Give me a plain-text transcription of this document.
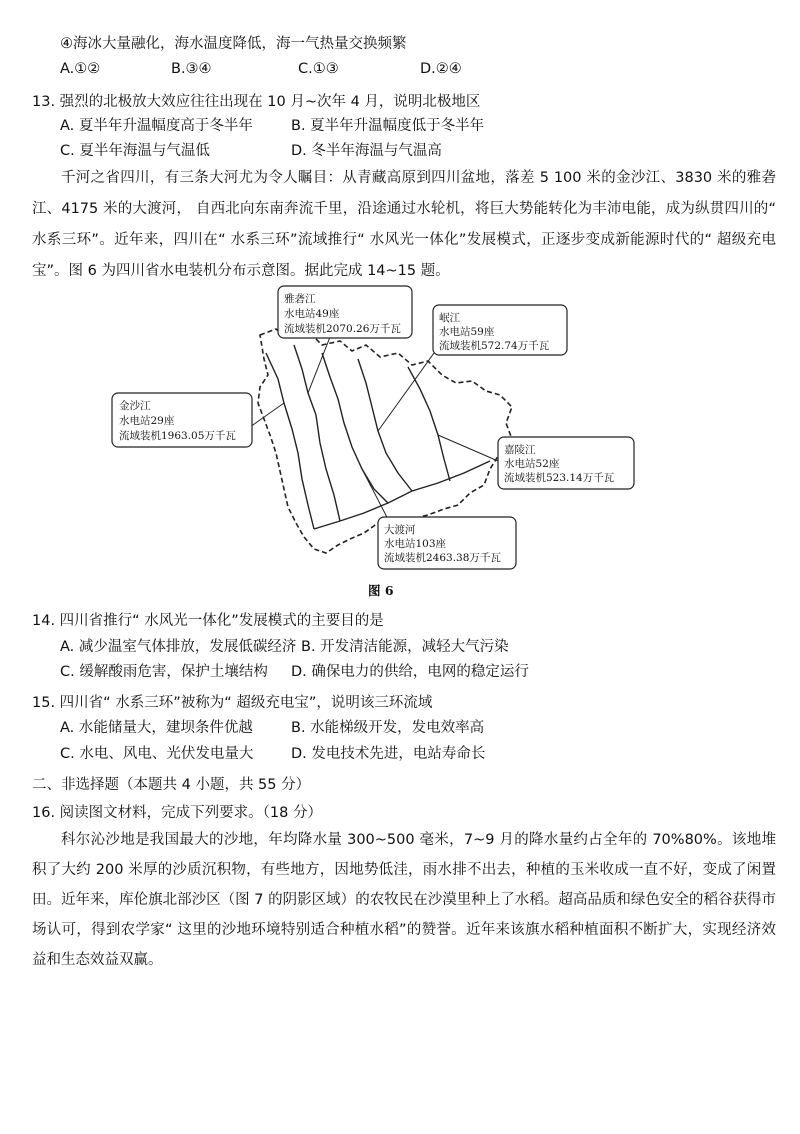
④海冰大量融化，海水温度降低，海一气热量交换频繁
A.①②	B.③④	C.①③	D.②④
13. 强烈的北极放大效应往往出现在 10 月~次年 4 月，说明北极地区
A. 夏半年升温幅度高于冬半年	B. 夏半年升温幅度低于冬半年
C. 夏半年海温与气温低	D. 冬半年海温与气温高
千河之省四川，有三条大河尤为令人瞩目：从青藏高原到四川盆地，落差 5 100 米的金沙江、3830 米的雅砻江、4175 米的大渡河， 自西北向东南奔流千里，沿途通过水轮机，将巨大势能转化为丰沛电能，成为纵贯四川的“ 水系三环”。近年来，四川在“ 水系三环”流域推行“ 水风光一体化”发展模式，正逐步变成新能源时代的“ 超级充电宝”。图 6 为四川省水电装机分布示意图。据此完成 14~15 题。
雅砻江
水电站49座
流域装机2070.26万千瓦
岷江
水电站59座
流域装机572.74万千瓦
金沙江
水电站29座
流域装机1963.05万千瓦
嘉陵江
水电站52座
流域装机523.14万千瓦
大渡河
水电站103座
流域装机2463.38万千瓦
图 6
14. 四川省推行“ 水风光一体化”发展模式的主要目的是
A. 减少温室气体排放，发展低碳经济 B. 开发清洁能源，减轻大气污染
C. 缓解酸雨危害，保护土壤结构 D. 确保电力的供给，电网的稳定运行
15. 四川省“ 水系三环”被称为“ 超级充电宝”，说明该三环流域
A. 水能储量大，建坝条件优越	B. 水能梯级开发，发电效率高
C. 水电、风电、光伏发电量大	D. 发电技术先进，电站寿命长
二、非选择题（本题共 4 小题，共 55 分）
16. 阅读图文材料，完成下列要求。（18 分）
科尔沁沙地是我国最大的沙地，年均降水量 300~500 毫米，7~9 月的降水量约占全年的 70%80%。该地堆积了大约 200 米厚的沙质沉积物，有些地方，因地势低洼，雨水排不出去，种植的玉米收成一直不好，变成了闲置田。近年来，库伦旗北部沙区（图 7 的阴影区域）的农牧民在沙漠里种上了水稻。超高品质和绿色安全的稻谷获得市场认可，得到农学家“ 这里的沙地环境特别适合种植水稻”的赞誉。近年来该旗水稻种植面积不断扩大，实现经济效益和生态效益双赢。
